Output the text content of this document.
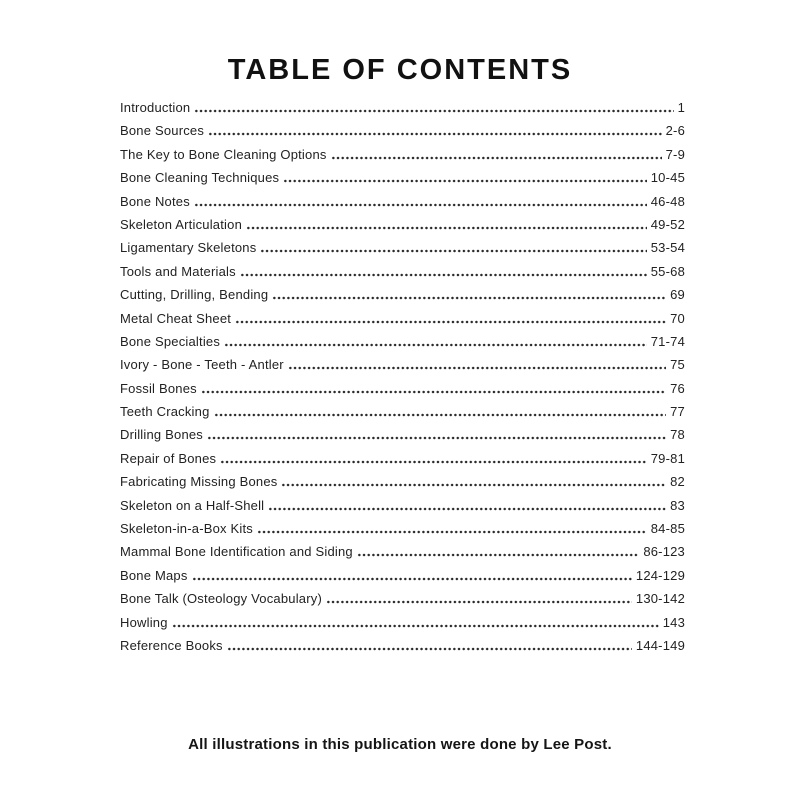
TABLE OF CONTENTS
Introduction	1
Bone Sources	2-6
The Key to Bone Cleaning Options	7-9
Bone Cleaning Techniques	10-45
Bone Notes	46-48
Skeleton Articulation	49-52
Ligamentary Skeletons	53-54
Tools and Materials	55-68
Cutting, Drilling, Bending	69
Metal Cheat Sheet	70
Bone Specialties	71-74
Ivory - Bone - Teeth - Antler	75
Fossil Bones	76
Teeth Cracking	77
Drilling Bones	78
Repair of Bones	79-81
Fabricating Missing Bones	82
Skeleton on a Half-Shell	83
Skeleton-in-a-Box Kits	84-85
Mammal Bone Identification and Siding	86-123
Bone Maps	124-129
Bone Talk (Osteology Vocabulary)	130-142
Howling	143
Reference Books	144-149
All illustrations in this publication were done by Lee Post.
